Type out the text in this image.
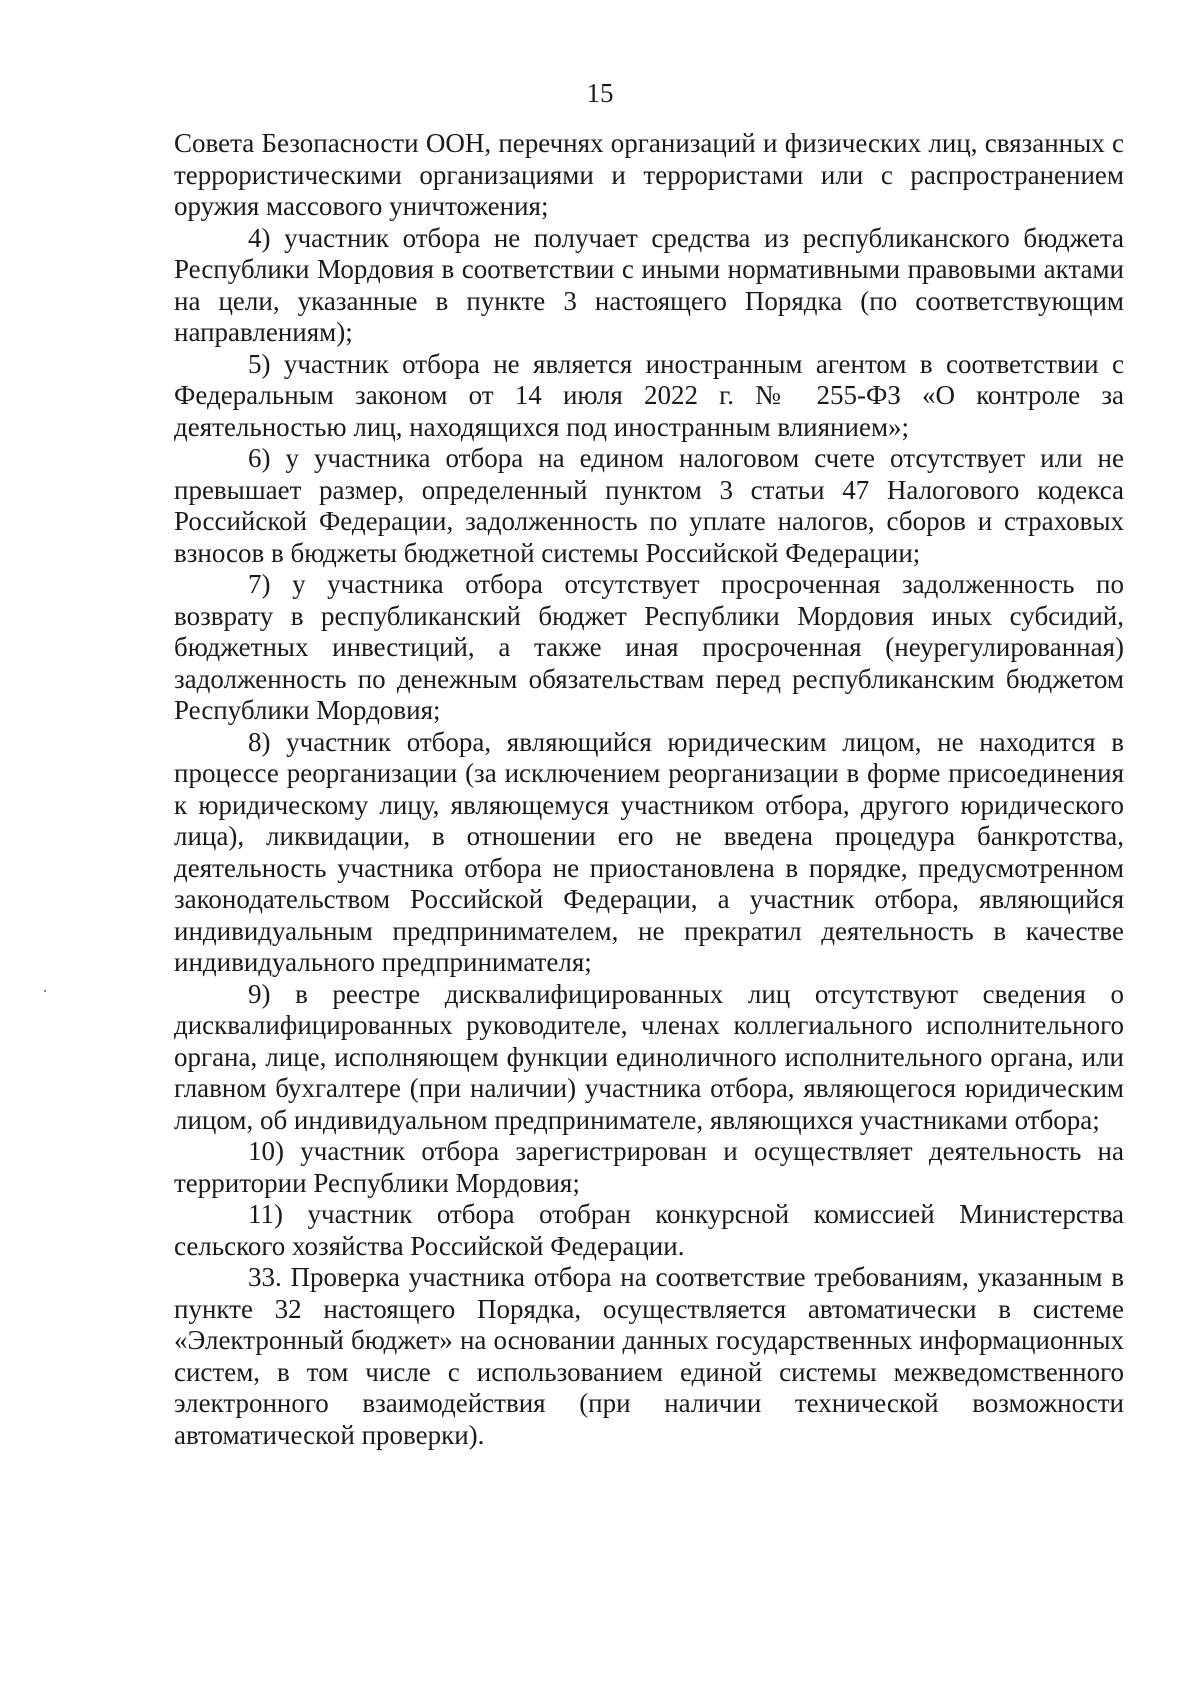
15

Совета Безопасности ООН, перечнях организаций и физических лиц, связанных с террористическими организациями и террористами или с распространением оружия массового уничтожения;

4) участник отбора не получает средства из республиканского бюджета Республики Мордовия в соответствии с иными нормативными правовыми актами на цели, указанные в пункте 3 настоящего Порядка (по соответствующим направлениям);

5) участник отбора не является иностранным агентом в соответствии с Федеральным законом от 14 июля 2022 г. № 255-ФЗ «О контроле за деятельностью лиц, находящихся под иностранным влиянием»;

6) у участника отбора на едином налоговом счете отсутствует или не превышает размер, определенный пунктом 3 статьи 47 Налогового кодекса Российской Федерации, задолженность по уплате налогов, сборов и страховых взносов в бюджеты бюджетной системы Российской Федерации;

7) у участника отбора отсутствует просроченная задолженность по возврату в республиканский бюджет Республики Мордовия иных субсидий, бюджетных инвестиций, а также иная просроченная (неурегулированная) задолженность по денежным обязательствам перед республиканским бюджетом Республики Мордовия;

8) участник отбора, являющийся юридическим лицом, не находится в процессе реорганизации (за исключением реорганизации в форме присоединения к юридическому лицу, являющемуся участником отбора, другого юридического лица), ликвидации, в отношении его не введена процедура банкротства, деятельность участника отбора не приостановлена в порядке, предусмотренном законодательством Российской Федерации, а участник отбора, являющийся индивидуальным предпринимателем, не прекратил деятельность в качестве индивидуального предпринимателя;

9) в реестре дисквалифицированных лиц отсутствуют сведения о дисквалифицированных руководителе, членах коллегиального исполнительного органа, лице, исполняющем функции единоличного исполнительного органа, или главном бухгалтере (при наличии) участника отбора, являющегося юридическим лицом, об индивидуальном предпринимателе, являющихся участниками отбора;

10) участник отбора зарегистрирован и осуществляет деятельность на территории Республики Мордовия;

11) участник отбора отобран конкурсной комиссией Министерства сельского хозяйства Российской Федерации.

33. Проверка участника отбора на соответствие требованиям, указанным в пункте 32 настоящего Порядка, осуществляется автоматически в системе «Электронный бюджет» на основании данных государственных информационных систем, в том числе с использованием единой системы межведомственного электронного взаимодействия (при наличии технической возможности автоматической проверки).
